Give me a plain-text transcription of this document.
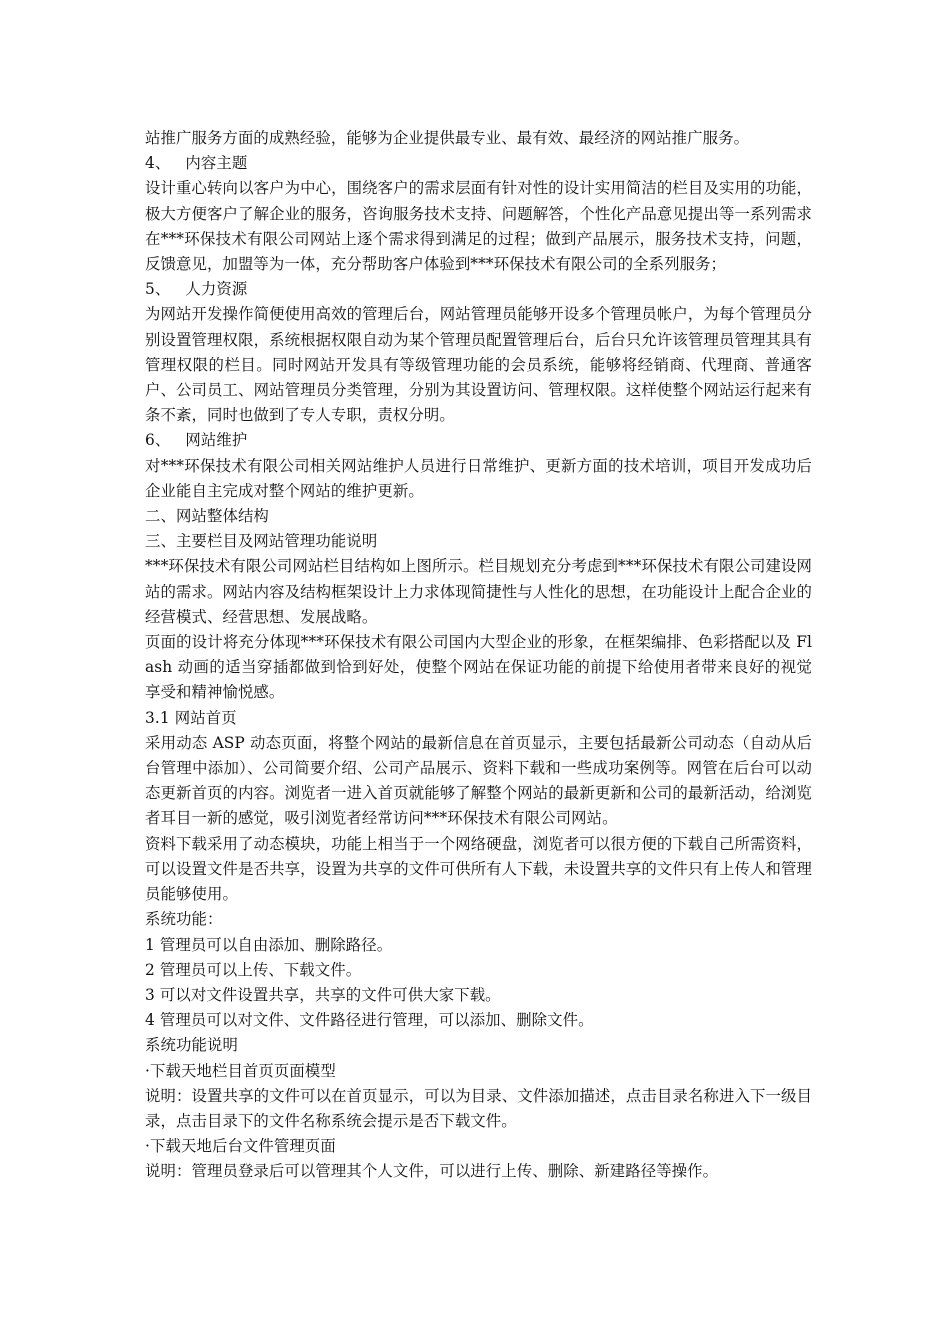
站推广服务方面的成熟经验，能够为企业提供最专业、最有效、最经济的网站推广服务。

4、   内容主题

设计重心转向以客户为中心，围绕客户的需求层面有针对性的设计实用简洁的栏目及实用的功能，极大方便客户了解企业的服务，咨询服务技术支持、问题解答，个性化产品意见提出等一系列需求在***环保技术有限公司网站上逐个需求得到满足的过程；做到产品展示，服务技术支持，问题，反馈意见，加盟等为一体，充分帮助客户体验到***环保技术有限公司的全系列服务；

5、   人力资源

为网站开发操作简便使用高效的管理后台，网站管理员能够开设多个管理员帐户，为每个管理员分别设置管理权限，系统根据权限自动为某个管理员配置管理后台，后台只允许该管理员管理其具有管理权限的栏目。同时网站开发具有等级管理功能的会员系统，能够将经销商、代理商、普通客户、公司员工、网站管理员分类管理，分别为其设置访问、管理权限。这样使整个网站运行起来有条不紊，同时也做到了专人专职，责权分明。

6、   网站维护

对***环保技术有限公司相关网站维护人员进行日常维护、更新方面的技术培训，项目开发成功后企业能自主完成对整个网站的维护更新。

二、网站整体结构

三、主要栏目及网站管理功能说明

***环保技术有限公司网站栏目结构如上图所示。栏目规划充分考虑到***环保技术有限公司建设网站的需求。网站内容及结构框架设计上力求体现简捷性与人性化的思想，在功能设计上配合企业的经营模式、经营思想、发展战略。

页面的设计将充分体现***环保技术有限公司国内大型企业的形象，在框架编排、色彩搭配以及 Flash 动画的适当穿插都做到恰到好处，使整个网站在保证功能的前提下给使用者带来良好的视觉享受和精神愉悦感。

3.1 网站首页

采用动态 ASP 动态页面，将整个网站的最新信息在首页显示，主要包括最新公司动态（自动从后台管理中添加）、公司简要介绍、公司产品展示、资料下载和一些成功案例等。网管在后台可以动态更新首页的内容。浏览者一进入首页就能够了解整个网站的最新更新和公司的最新活动，给浏览者耳目一新的感觉，吸引浏览者经常访问***环保技术有限公司网站。

资料下载采用了动态模块，功能上相当于一个网络硬盘，浏览者可以很方便的下载自己所需资料，可以设置文件是否共享，设置为共享的文件可供所有人下载，未设置共享的文件只有上传人和管理员能够使用。

系统功能：

1 管理员可以自由添加、删除路径。

2 管理员可以上传、下载文件。

3 可以对文件设置共享，共享的文件可供大家下载。

4 管理员可以对文件、文件路径进行管理，可以添加、删除文件。

系统功能说明

·下载天地栏目首页页面模型

说明：设置共享的文件可以在首页显示，可以为目录、文件添加描述，点击目录名称进入下一级目录，点击目录下的文件名称系统会提示是否下载文件。

·下载天地后台文件管理页面

说明：管理员登录后可以管理其个人文件，可以进行上传、删除、新建路径等操作。
